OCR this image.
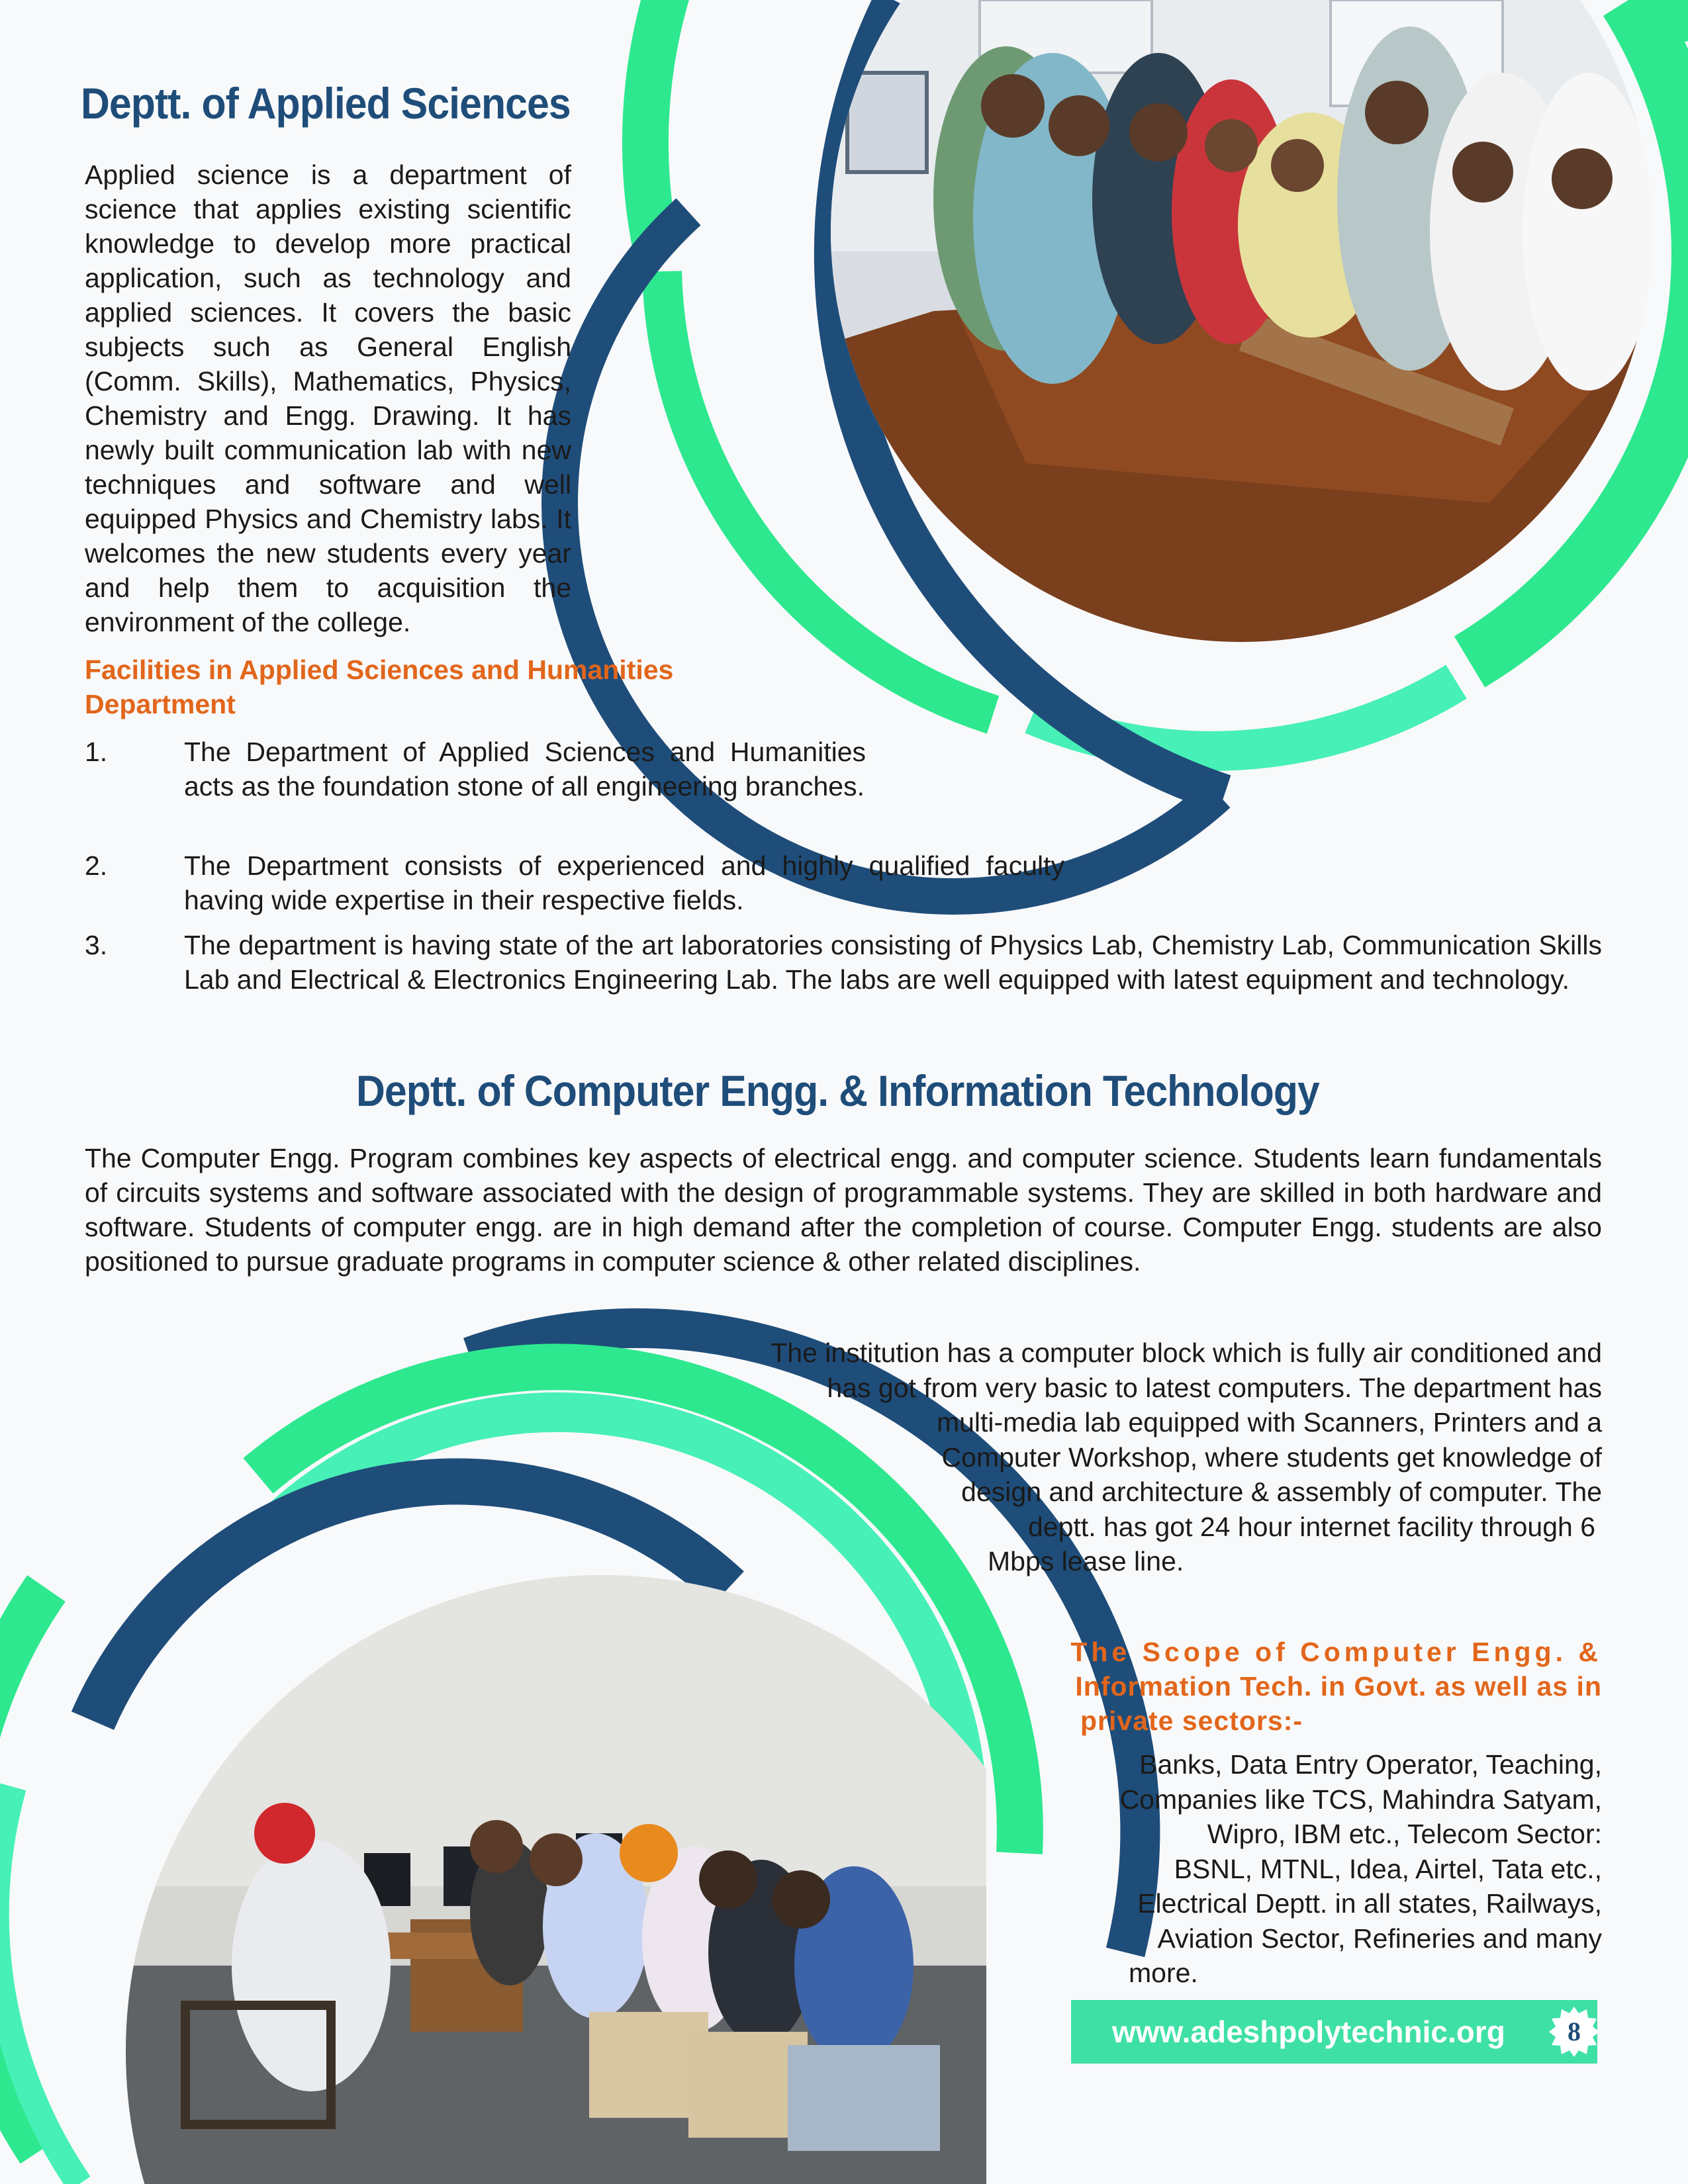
Deptt. of Applied Sciences
Applied science is a department of science that applies existing scientific knowledge to develop more practical application, such as technology and applied sciences. It covers the basic subjects such as General English (Comm. Skills), Mathematics, Physics, Chemistry and Engg. Drawing. It has newly built communication lab with new techniques and software and well equipped Physics and Chemistry labs. It welcomes the new students every year and help them to acquisition the environment of the college.
Facilities in Applied Sciences and Humanities Department
1.	The Department of Applied Sciences and Humanities acts as the foundation stone of all engineering branches.
2.	The Department consists of experienced and highly qualified faculty having wide expertise in their respective fields.
3.	The department is having state of the art laboratories consisting of Physics Lab, Chemistry Lab, Communication Skills Lab and Electrical & Electronics Engineering Lab. The labs are well equipped with latest equipment and technology.
Deptt. of Computer Engg. & Information Technology
The Computer Engg. Program combines key aspects of electrical engg. and computer science. Students learn fundamentals of circuits systems and software associated with the design of programmable systems. They are skilled in both hardware and software. Students of computer engg. are in high demand after the completion of course. Computer Engg. students are also positioned to pursue graduate programs in computer science & other related disciplines.
The institution has a computer block which is fully air conditioned and
has got from very basic to latest computers. The department has
multi-media lab equipped with Scanners, Printers and a
Computer Workshop, where students get knowledge of
design and architecture & assembly of computer. The
deptt. has got 24 hour internet facility through 6
Mbps lease line.
The Scope of Computer Engg. &
Information Tech. in Govt. as well as in
private sectors:-
Banks, Data Entry Operator, Teaching,
Companies like TCS, Mahindra Satyam,
Wipro, IBM etc., Telecom Sector:
BSNL, MTNL, Idea, Airtel, Tata etc.,
Electrical Deptt. in all states, Railways,
Aviation Sector, Refineries and many
more.
www.adeshpolytechnic.org	8
